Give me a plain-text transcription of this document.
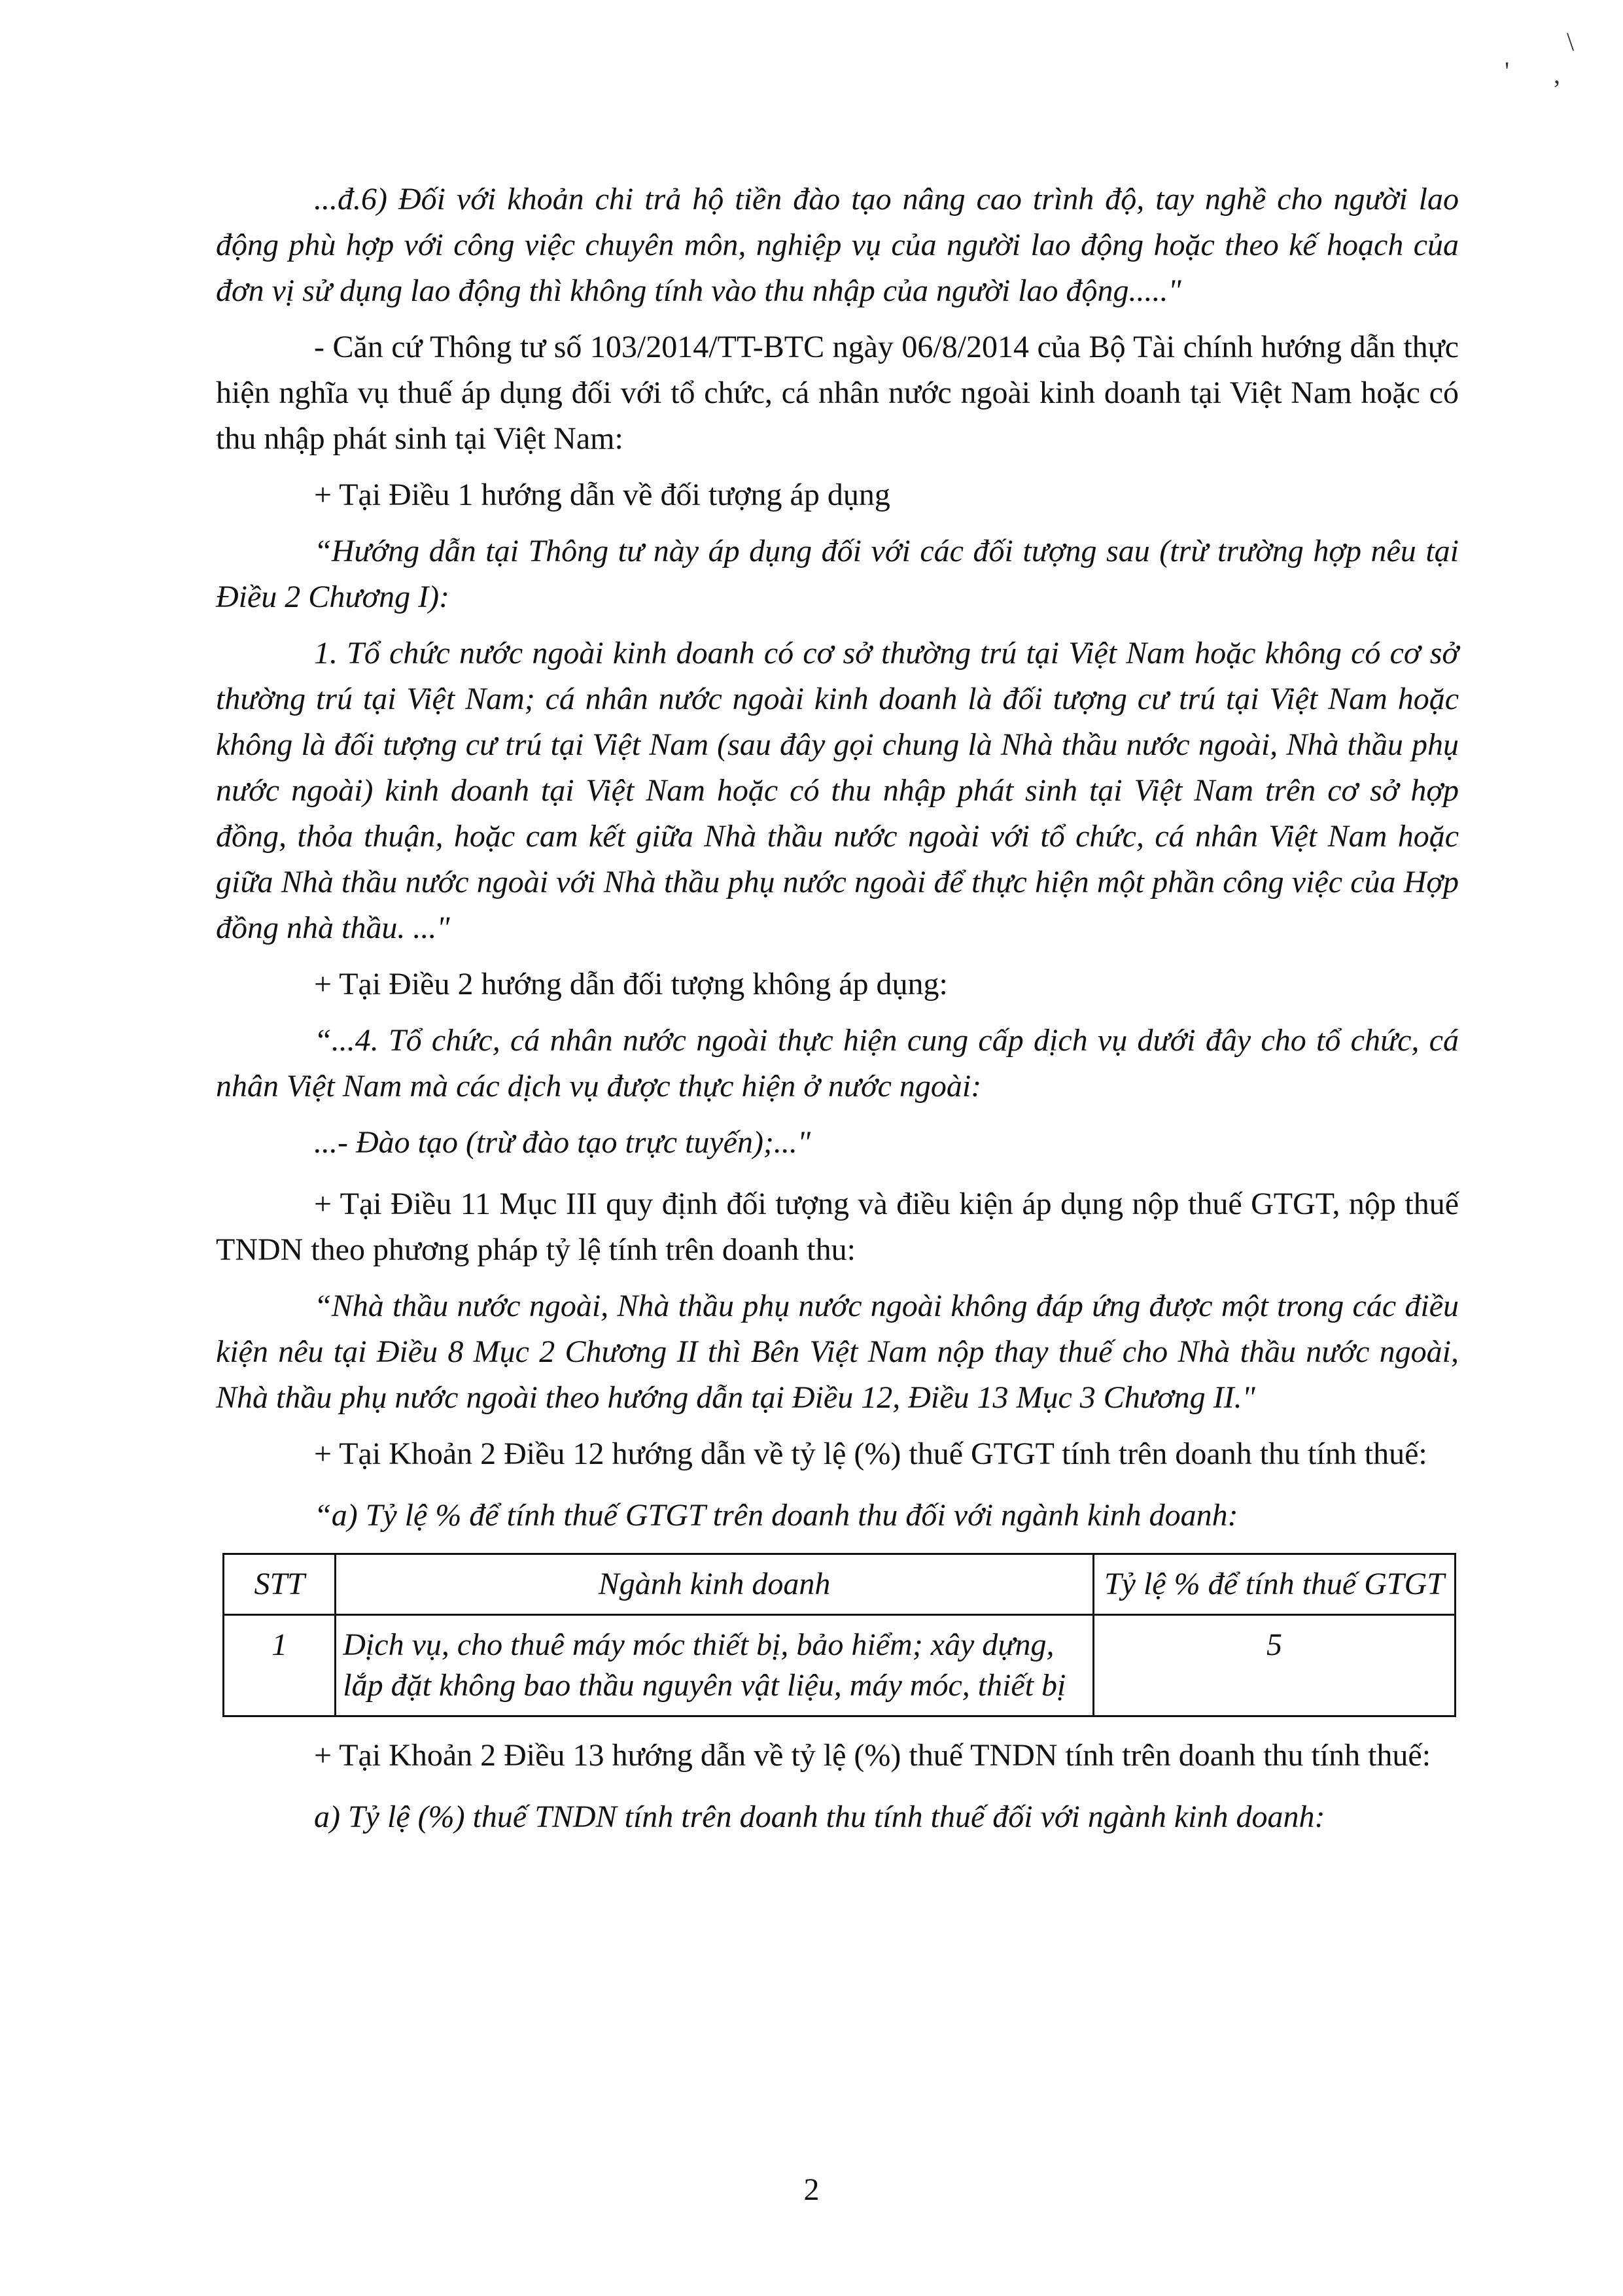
\
' ,

...đ.6) Đối với khoản chi trả hộ tiền đào tạo nâng cao trình độ, tay nghề cho người lao động phù hợp với công việc chuyên môn, nghiệp vụ của người lao động hoặc theo kế hoạch của đơn vị sử dụng lao động thì không tính vào thu nhập của người lao động....."

- Căn cứ Thông tư số 103/2014/TT-BTC ngày 06/8/2014 của Bộ Tài chính hướng dẫn thực hiện nghĩa vụ thuế áp dụng đối với tổ chức, cá nhân nước ngoài kinh doanh tại Việt Nam hoặc có thu nhập phát sinh tại Việt Nam:

+ Tại Điều 1 hướng dẫn về đối tượng áp dụng

“Hướng dẫn tại Thông tư này áp dụng đối với các đối tượng sau (trừ trường hợp nêu tại Điều 2 Chương I):

1. Tổ chức nước ngoài kinh doanh có cơ sở thường trú tại Việt Nam hoặc không có cơ sở thường trú tại Việt Nam; cá nhân nước ngoài kinh doanh là đối tượng cư trú tại Việt Nam hoặc không là đối tượng cư trú tại Việt Nam (sau đây gọi chung là Nhà thầu nước ngoài, Nhà thầu phụ nước ngoài) kinh doanh tại Việt Nam hoặc có thu nhập phát sinh tại Việt Nam trên cơ sở hợp đồng, thỏa thuận, hoặc cam kết giữa Nhà thầu nước ngoài với tổ chức, cá nhân Việt Nam hoặc giữa Nhà thầu nước ngoài với Nhà thầu phụ nước ngoài để thực hiện một phần công việc của Hợp đồng nhà thầu. ..."

+ Tại Điều 2 hướng dẫn đối tượng không áp dụng:

“...4. Tổ chức, cá nhân nước ngoài thực hiện cung cấp dịch vụ dưới đây cho tổ chức, cá nhân Việt Nam mà các dịch vụ được thực hiện ở nước ngoài:

...- Đào tạo (trừ đào tạo trực tuyến);..."

+ Tại Điều 11 Mục III quy định đối tượng và điều kiện áp dụng nộp thuế GTGT, nộp thuế TNDN theo phương pháp tỷ lệ tính trên doanh thu:

“Nhà thầu nước ngoài, Nhà thầu phụ nước ngoài không đáp ứng được một trong các điều kiện nêu tại Điều 8 Mục 2 Chương II thì Bên Việt Nam nộp thay thuế cho Nhà thầu nước ngoài, Nhà thầu phụ nước ngoài theo hướng dẫn tại Điều 12, Điều 13 Mục 3 Chương II."

+ Tại Khoản 2 Điều 12 hướng dẫn về tỷ lệ (%) thuế GTGT tính trên doanh thu tính thuế:

“a) Tỷ lệ % để tính thuế GTGT trên doanh thu đối với ngành kinh doanh:

STT	Ngành kinh doanh	Tỷ lệ % để tính thuế GTGT
1	Dịch vụ, cho thuê máy móc thiết bị, bảo hiểm; xây dựng, lắp đặt không bao thầu nguyên vật liệu, máy móc, thiết bị	5

+ Tại Khoản 2 Điều 13 hướng dẫn về tỷ lệ (%) thuế TNDN tính trên doanh thu tính thuế:

a) Tỷ lệ (%) thuế TNDN tính trên doanh thu tính thuế đối với ngành kinh doanh:

2
